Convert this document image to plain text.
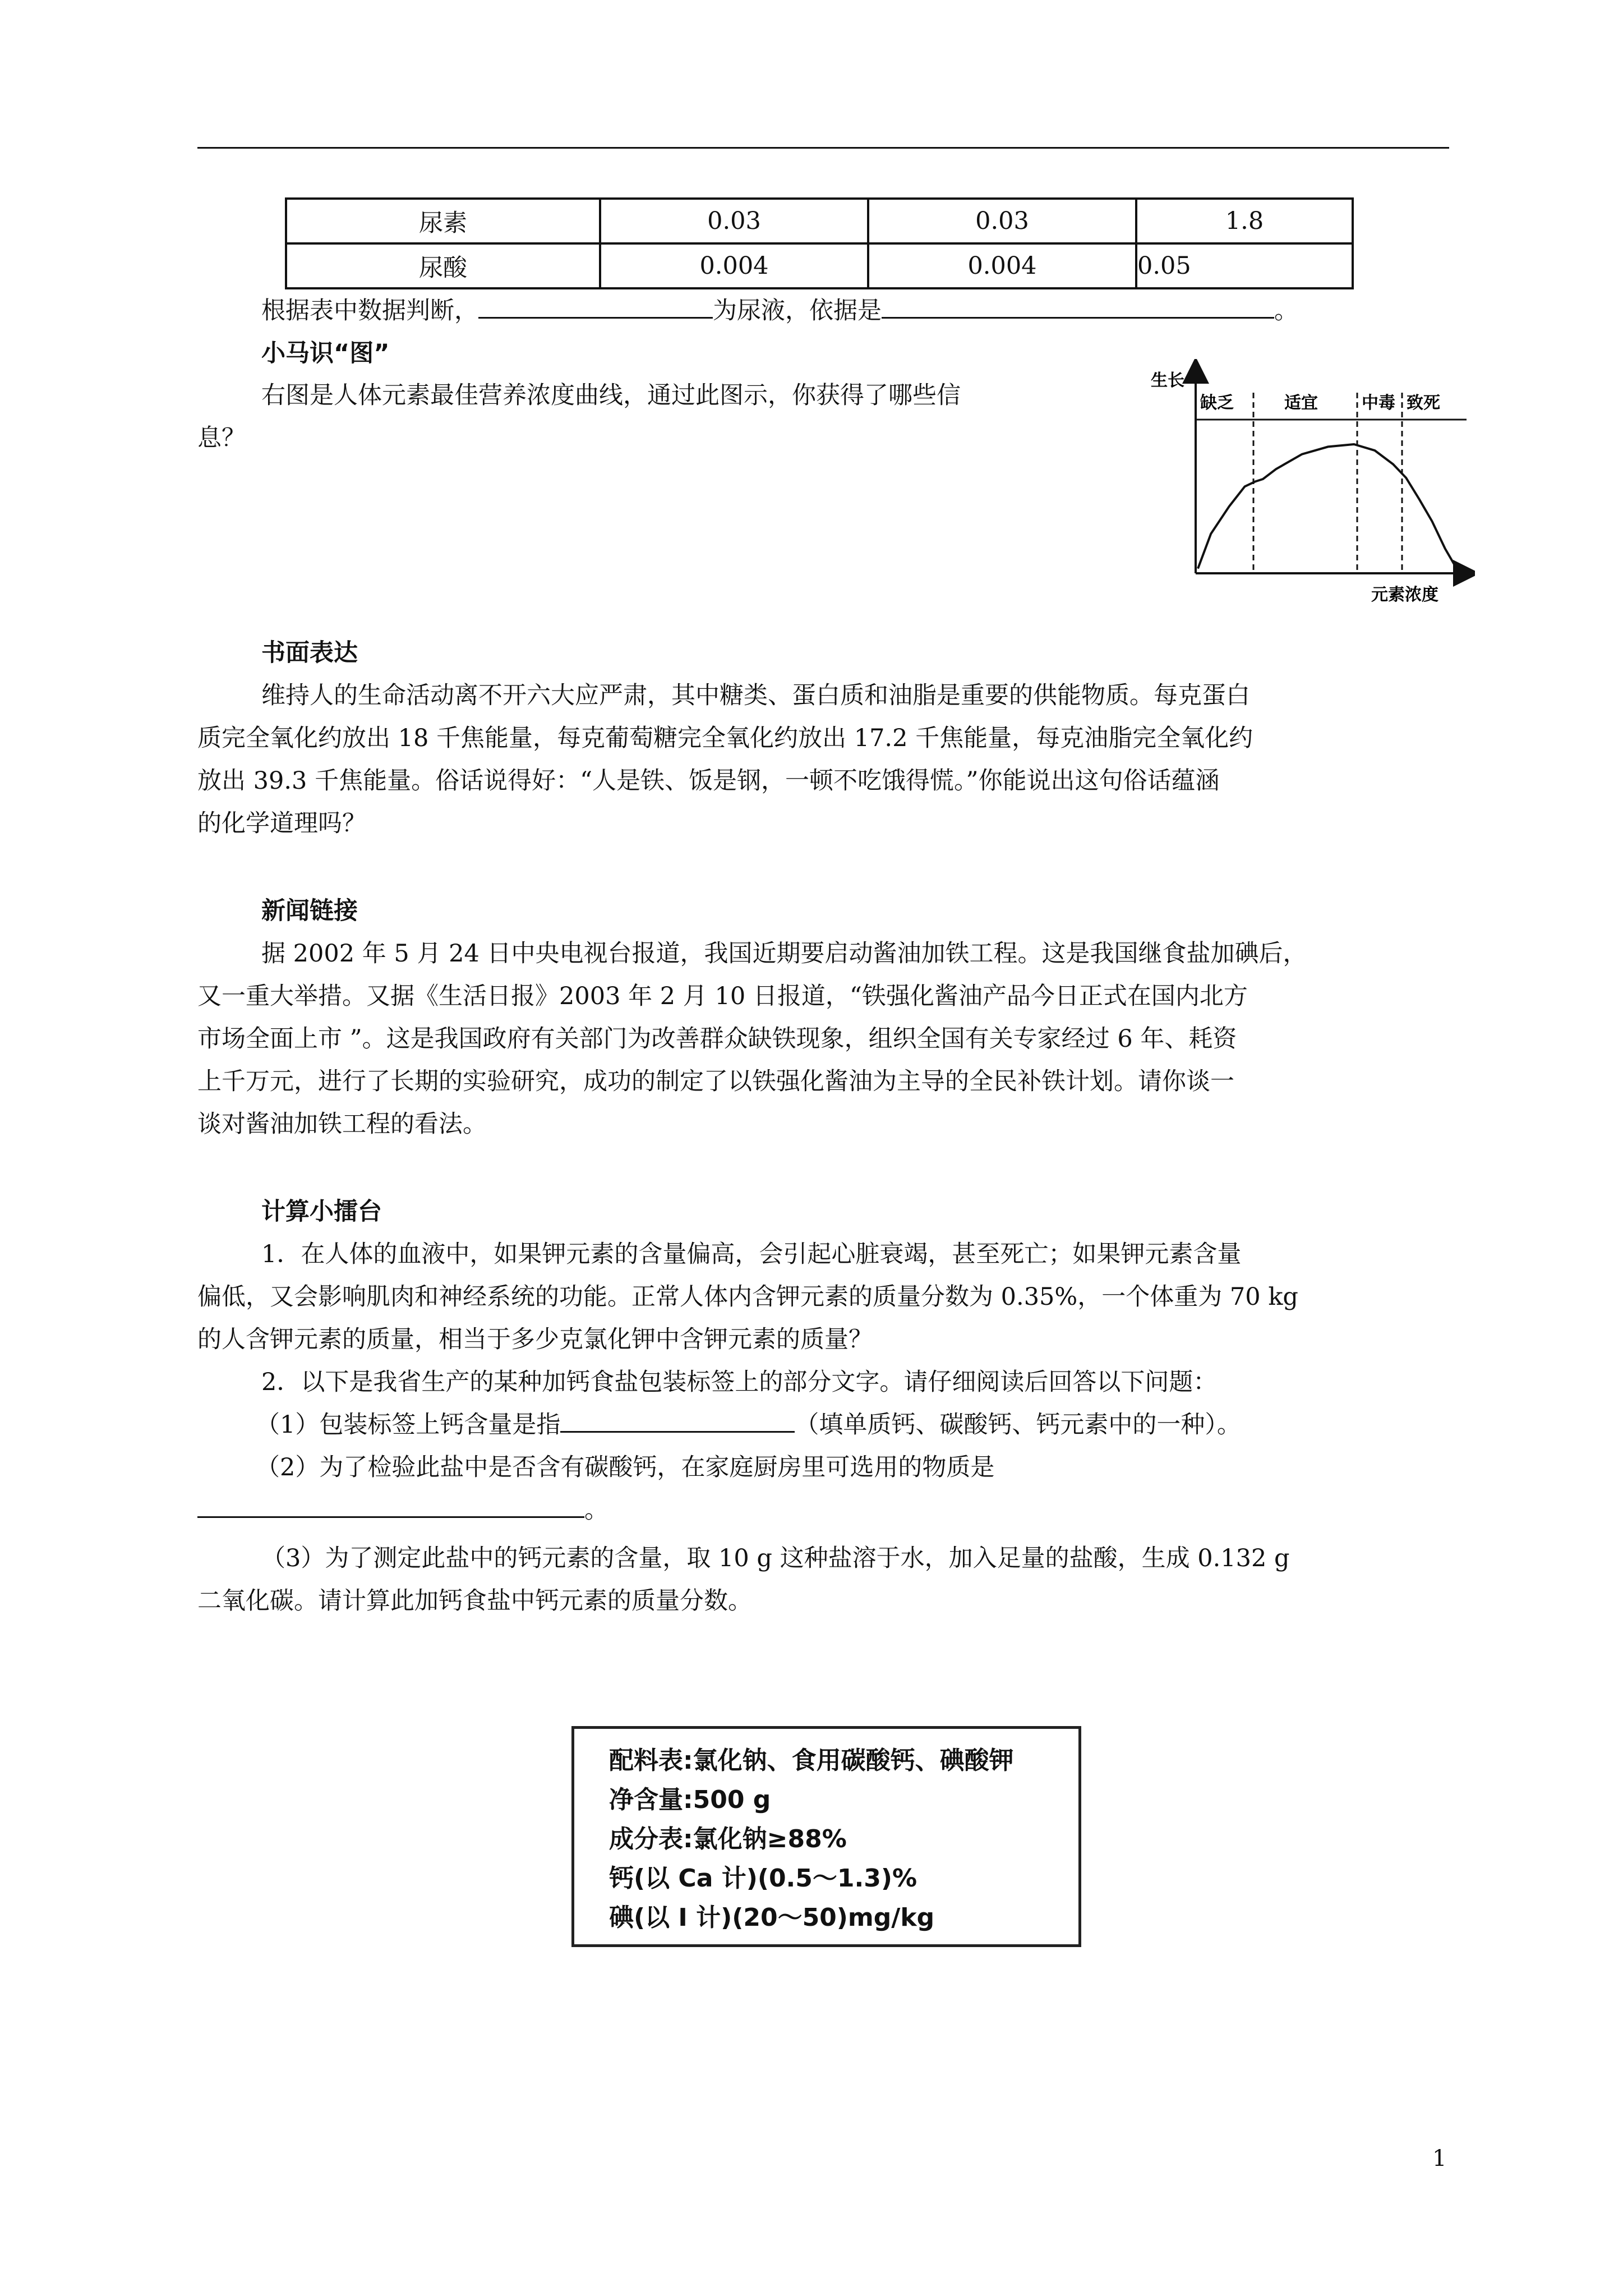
尿素	0.03	0.03	1.8
尿酸	0.004	0.004	0.05
根据表中数据判断，	为尿液，依据是	。
小马识“图”
右图是人体元素最佳营养浓度曲线，通过此图示，你获得了哪些信
息？
生长
缺乏	适宜	中毒 致死
元素浓度
书面表达
维持人的生命活动离不开六大应严肃，其中糖类、蛋白质和油脂是重要的供能物质。每克蛋白
质完全氧化约放出 18 千焦能量，每克葡萄糖完全氧化约放出 17.2 千焦能量，每克油脂完全氧化约
放出 39.3 千焦能量。俗话说得好：“人是铁、饭是钢，一顿不吃饿得慌。”你能说出这句俗话蕴涵
的化学道理吗？
新闻链接
据 2002 年 5 月 24 日中央电视台报道，我国近期要启动酱油加铁工程。这是我国继食盐加碘后，
又一重大举措。又据《生活日报》2003 年 2 月 10 日报道，“铁强化酱油产品今日正式在国内北方
市场全面上市 ”。这是我国政府有关部门为改善群众缺铁现象，组织全国有关专家经过 6 年、耗资
上千万元，进行了长期的实验研究，成功的制定了以铁强化酱油为主导的全民补铁计划。请你谈一
谈对酱油加铁工程的看法。
计算小擂台
1．在人体的血液中，如果钾元素的含量偏高，会引起心脏衰竭，甚至死亡；如果钾元素含量
偏低，又会影响肌肉和神经系统的功能。正常人体内含钾元素的质量分数为 0.35%，一个体重为 70 kg
的人含钾元素的质量，相当于多少克氯化钾中含钾元素的质量？
2．以下是我省生产的某种加钙食盐包装标签上的部分文字。请仔细阅读后回答以下问题：
（1）包装标签上钙含量是指	（填单质钙、碳酸钙、钙元素中的一种）。
（2）为了检验此盐中是否含有碳酸钙，在家庭厨房里可选用的物质是
。
（3）为了测定此盐中的钙元素的含量，取 10 g 这种盐溶于水，加入足量的盐酸，生成 0.132 g
二氧化碳。请计算此加钙食盐中钙元素的质量分数。
配料表:氯化钠、食用碳酸钙、碘酸钾
净含量:500 g
成分表:氯化钠≥88%
钙(以 Ca 计)(0.5～1.3)%
碘(以 I 计)(20～50)mg/kg
1
